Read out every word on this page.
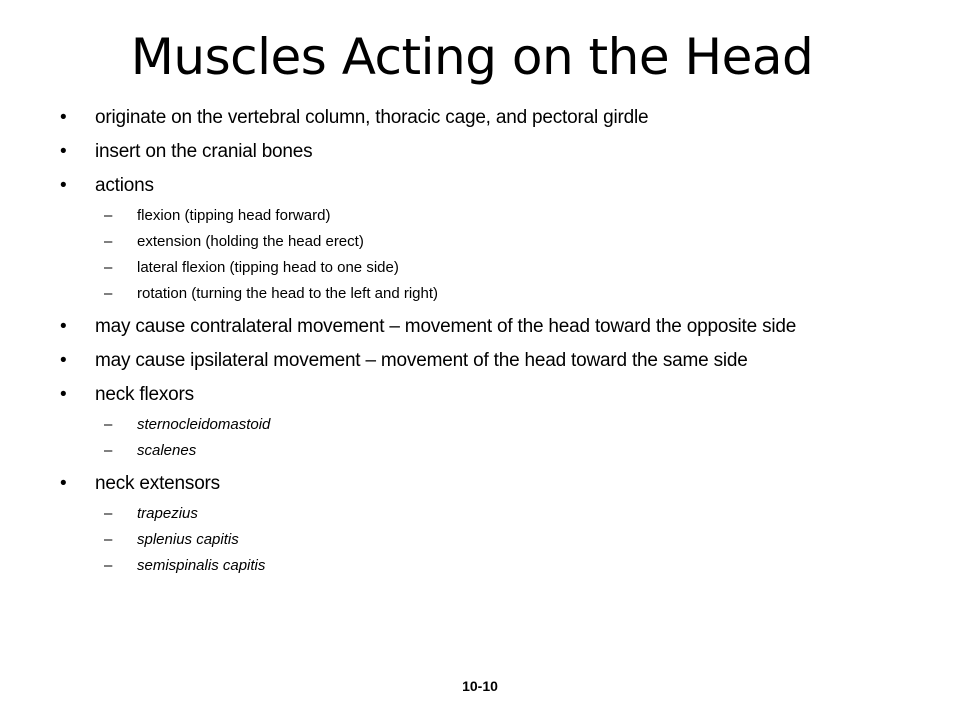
Muscles Acting on the Head
• originate on the vertebral column, thoracic cage, and pectoral girdle
• insert on the cranial bones
• actions
– flexion (tipping head forward)
– extension (holding the head erect)
– lateral flexion (tipping head to one side)
– rotation (turning the head to the left and right)
• may cause contralateral movement – movement of the head toward the opposite side
• may cause ipsilateral movement – movement of the head toward the same side
• neck flexors
– sternocleidomastoid
– scalenes
• neck extensors
– trapezius
– splenius capitis
– semispinalis capitis
10-10
